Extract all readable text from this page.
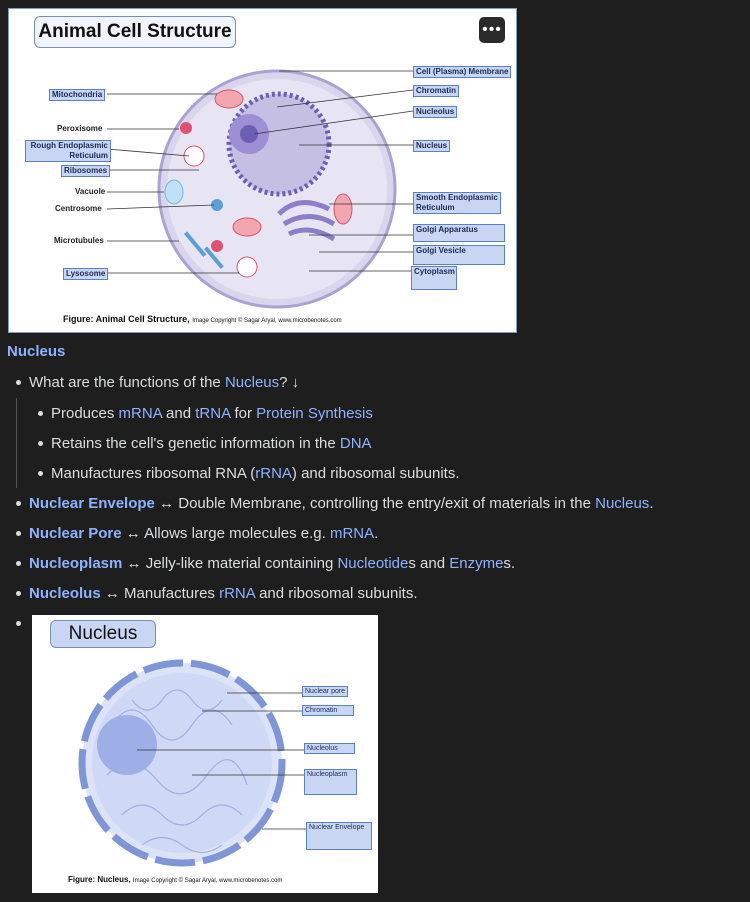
Animal Cell Structure	•••
Mitochondria
Peroxisome
Rough Endoplasmic
Reticulum
Ribosomes
Vacuole
Centrosome
Microtubules
Lysosome
Cell (Plasma) Membrane
Chromatin
Nucleolus
Nucleus
Smooth Endoplasmic
Reticulum
Golgi Apparatus
Golgi Vesicle
Cytoplasm
Figure: Animal Cell Structure, Image Copyright © Sagar Aryal, www.microbenotes.com
Nucleus
What are the functions of the Nucleus? ↓
Produces mRNA and tRNA for Protein Synthesis
Retains the cell's genetic information in the DNA
Manufactures ribosomal RNA (rRNA) and ribosomal subunits.
Nuclear Envelope ↔ Double Membrane, controlling the entry/exit of materials in the Nucleus.
Nuclear Pore ↔ Allows large molecules e.g. mRNA.
Nucleoplasm ↔ Jelly-like material containing Nucleotides and Enzymes.
Nucleolus ↔ Manufactures rRNA and ribosomal subunits.
Nucleus
Nuclear pore
Chromatin
Nucleolus
Nucleoplasm
Nuclear Envelope
Figure: Nucleus, Image Copyright © Sagar Aryal, www.microbenotes.com
